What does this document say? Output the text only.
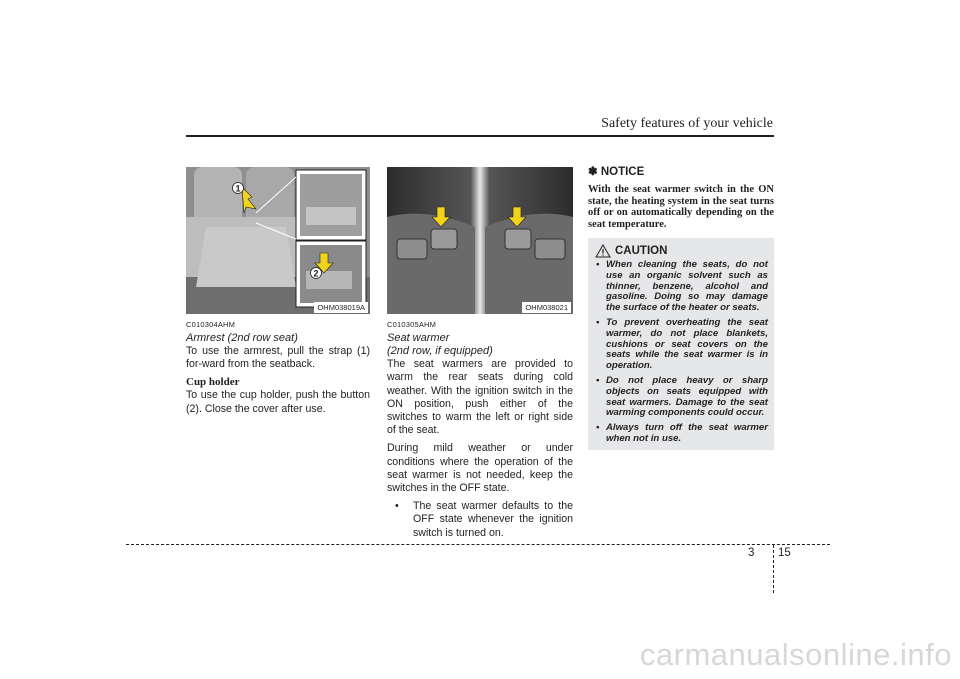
Safety features of your vehicle
1
2
OHM038019A

C010304AHM

Armrest (2nd row seat)

To use the armrest, pull the strap (1) for-ward from the seatback.

Cup holder

To use the cup holder, push the button (2). Close the cover after use.

OHM038021

C010305AHM

Seat warmer

(2nd row, if equipped)

The seat warmers are provided to warm the rear seats during cold weather. With the ignition switch in the ON position, push either of the switches to warm the left or right side of the seat.

During mild weather or under conditions where the operation of the seat warmer is not needed, keep the switches in the OFF state.

•	The seat warmer defaults to the OFF state whenever the ignition switch is turned on.

✽ NOTICE

With the seat warmer switch in the ON state, the heating system in the seat turns off or on automatically depending on the seat temperature.

CAUTION
• When cleaning the seats, do not use an organic solvent such as thinner, benzene, alcohol and gasoline. Doing so may damage the surface of the heater or seats.
• To prevent overheating the seat warmer, do not place blankets, cushions or seat covers on the seats while the seat warmer is in operation.
• Do not place heavy or sharp objects on seats equipped with seat warmers. Damage to the seat warming components could occur.
• Always turn off the seat warmer when not in use.
3 15
carmanualsonline.info
